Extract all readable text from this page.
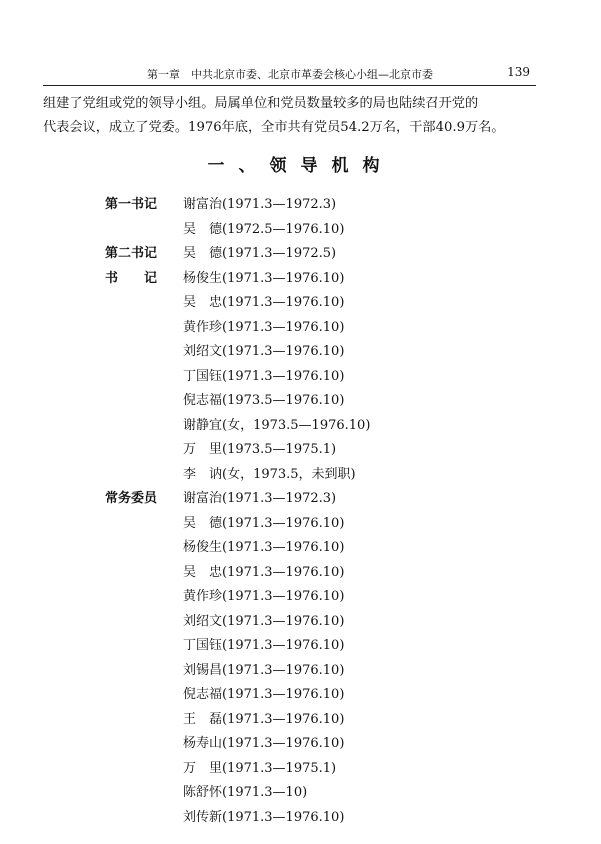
第一章　中共北京市委、北京市革委会核心小组—北京市委	139

组建了党组或党的领导小组。局属单位和党员数量较多的局也陆续召开党的

代表会议，成立了党委。1976年底，全市共有党员54.2万名，干部40.9万名。

一、领导机构
第一书记	谢富治(1971.3—1972.3)
吴　德(1972.5—1976.10)
第二书记	吴　德(1971.3—1972.5)
书　　记	杨俊生(1971.3—1976.10)
吴　忠(1971.3—1976.10)
黄作珍(1971.3—1976.10)
刘绍文(1971.3—1976.10)
丁国钰(1971.3—1976.10)
倪志福(1973.5—1976.10)
谢静宜(女，1973.5—1976.10)
万　里(1973.5—1975.1)
李　讷(女，1973.5，未到职)
常务委员	谢富治(1971.3—1972.3)
吴　德(1971.3—1976.10)
杨俊生(1971.3—1976.10)
吴　忠(1971.3—1976.10)
黄作珍(1971.3—1976.10)
刘绍文(1971.3—1976.10)
丁国钰(1971.3—1976.10)
刘锡昌(1971.3—1976.10)
倪志福(1971.3—1976.10)
王　磊(1971.3—1976.10)
杨寿山(1971.3—1976.10)
万　里(1971.3—1975.1)
陈舒怀(1971.3—10)
刘传新(1971.3—1976.10)
